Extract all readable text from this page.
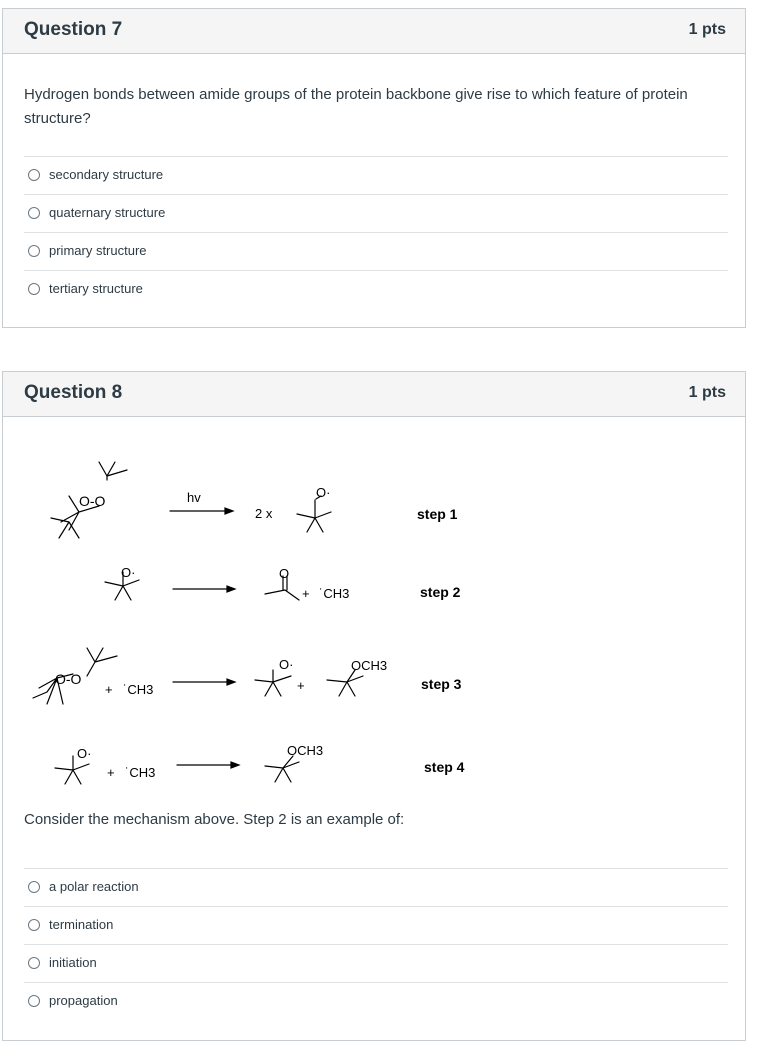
Question 7	1 pts
Hydrogen bonds between amide groups of the protein backbone give rise to which feature of protein structure?
secondary structure
quaternary structure
primary structure
tertiary structure
Question 8	1 pts
O-O	hv
2 x
O·
step 1
O·	O
+ ˙CH3	step 2
O-O
+ ˙CH3
O·
+
OCH3
step 3
O·
+ ˙CH3
OCH3
step 4
Consider the mechanism above. Step 2 is an example of:
a polar reaction
termination
initiation
propagation
